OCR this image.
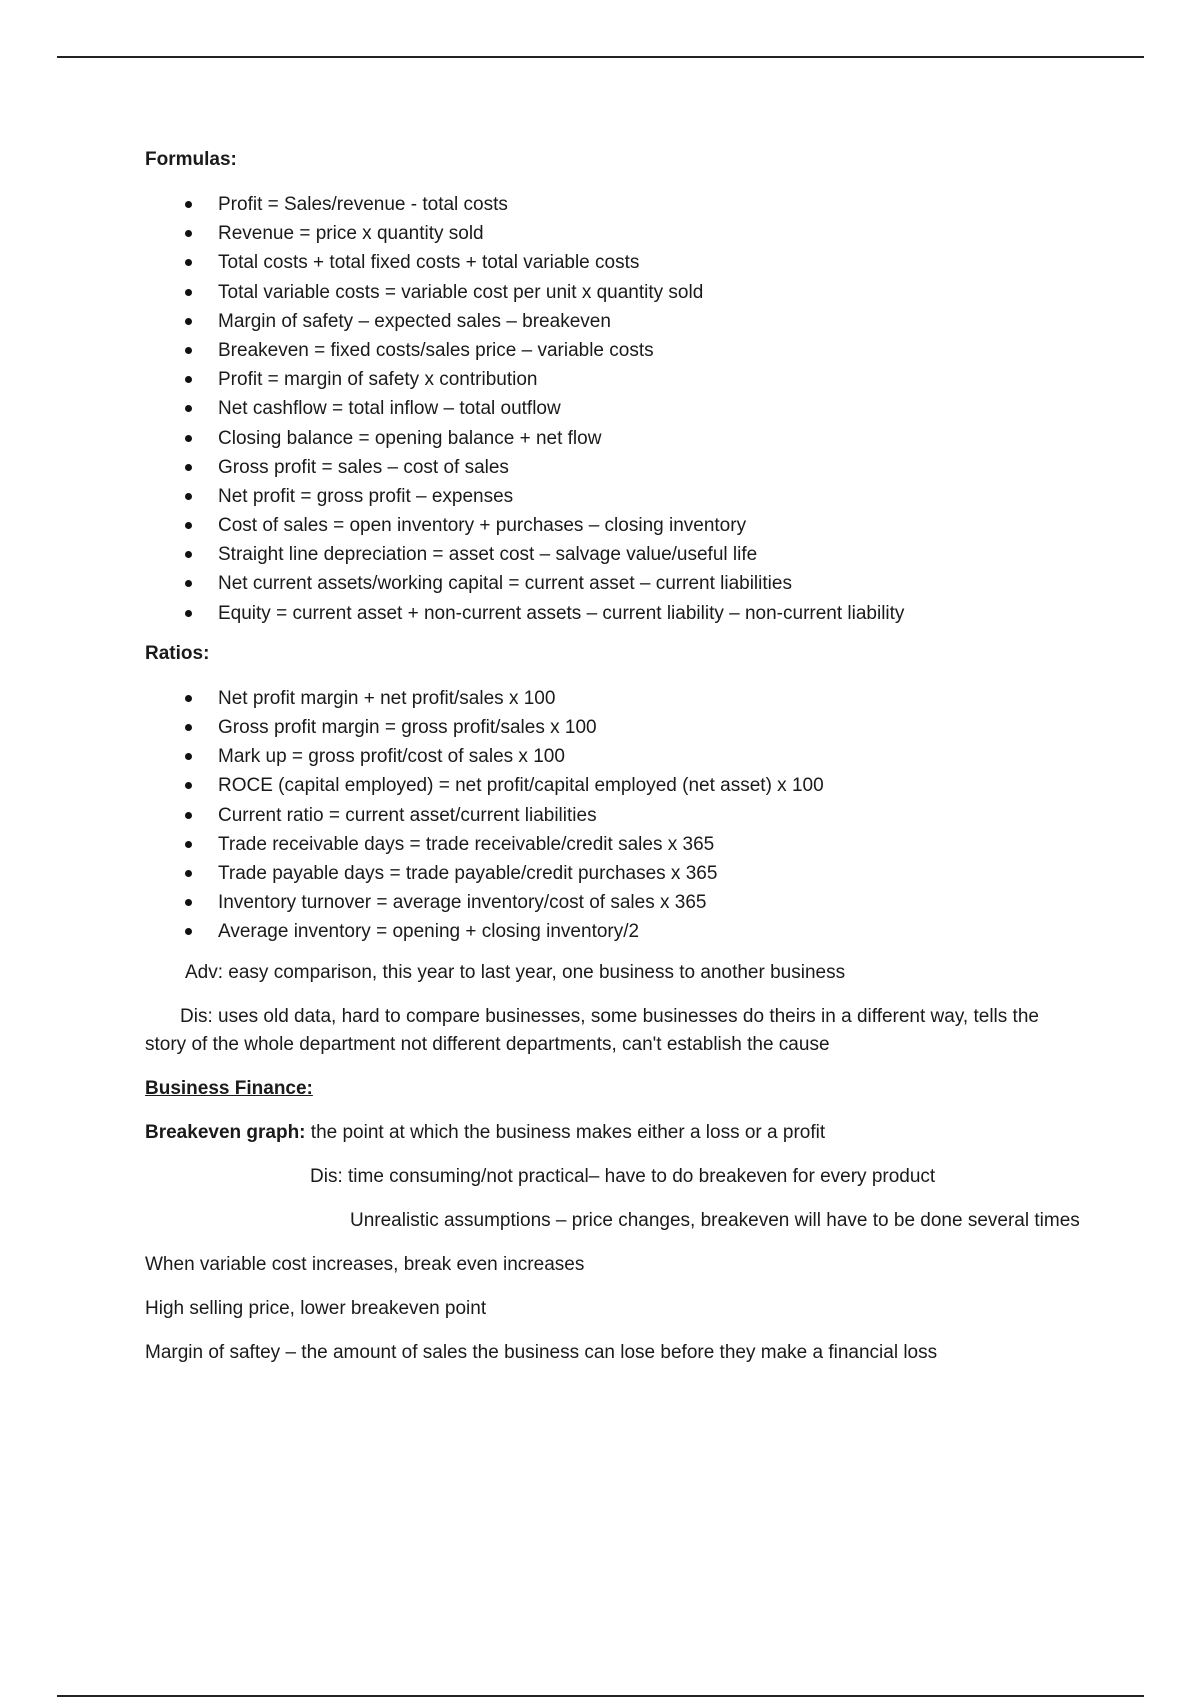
Formulas:
Profit = Sales/revenue - total costs
Revenue = price x quantity sold
Total costs + total fixed costs + total variable costs
Total variable costs = variable cost per unit x quantity sold
Margin of safety – expected sales – breakeven
Breakeven = fixed costs/sales price – variable costs
Profit = margin of safety x contribution
Net cashflow = total inflow – total outflow
Closing balance = opening balance + net flow
Gross profit = sales – cost of sales
Net profit = gross profit – expenses
Cost of sales = open inventory + purchases – closing inventory
Straight line depreciation = asset cost – salvage value/useful life
Net current assets/working capital = current asset – current liabilities
Equity = current asset + non-current assets – current liability – non-current liability
Ratios:
Net profit margin + net profit/sales x 100
Gross profit margin = gross profit/sales x 100
Mark up = gross profit/cost of sales x 100
ROCE (capital employed) = net profit/capital employed (net asset) x 100
Current ratio = current asset/current liabilities
Trade receivable days = trade receivable/credit sales x 365
Trade payable days = trade payable/credit purchases x 365
Inventory turnover = average inventory/cost of sales x 365
Average inventory = opening + closing inventory/2

Adv: easy comparison, this year to last year, one business to another business

Dis: uses old data, hard to compare businesses, some businesses do theirs in a different way, tells the story of the whole department not different departments, can't establish the cause

Business Finance:

Breakeven graph: the point at which the business makes either a loss or a profit

Dis: time consuming/not practical– have to do breakeven for every product

Unrealistic assumptions – price changes, breakeven will have to be done several times

When variable cost increases, break even increases

High selling price, lower breakeven point

Margin of saftey – the amount of sales the business can lose before they make a financial loss
